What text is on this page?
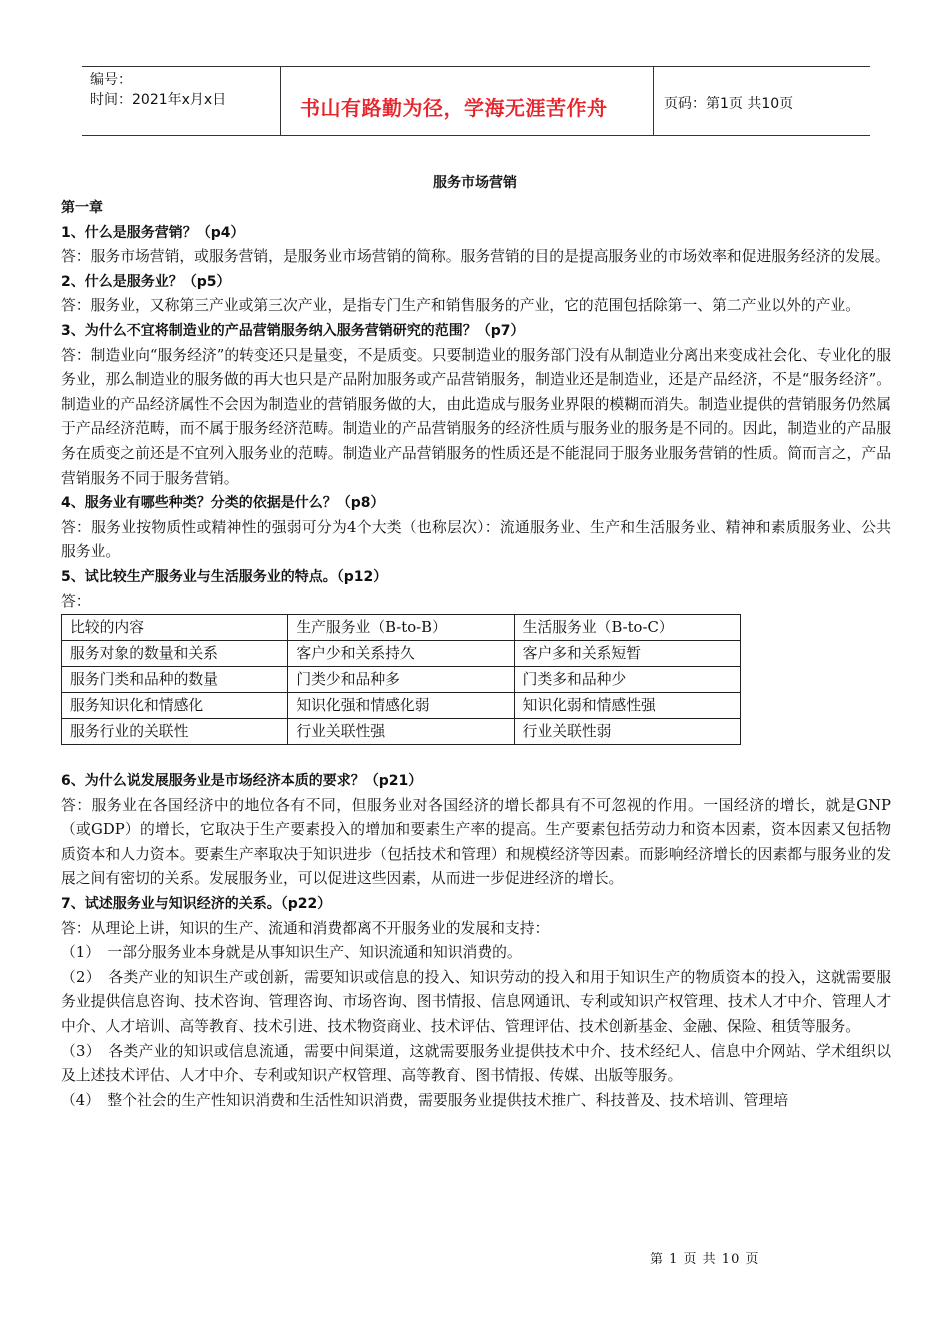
编号：
时间：2021年x月x日	书山有路勤为径，学海无涯苦作舟	页码：第1页 共10页
服务市场营销

第一章

1、什么是服务营销？（p4）

答：服务市场营销，或服务营销，是服务业市场营销的简称。服务营销的目的是提高服务业的市场效率和促进服务经济的发展。

2、什么是服务业？（p5）

答：服务业，又称第三产业或第三次产业，是指专门生产和销售服务的产业，它的范围包括除第一、第二产业以外的产业。

3、为什么不宜将制造业的产品营销服务纳入服务营销研究的范围？（p7）

答：制造业向“服务经济”的转变还只是量变，不是质变。只要制造业的服务部门没有从制造业分离出来变成社会化、专业化的服务业，那么制造业的服务做的再大也只是产品附加服务或产品营销服务，制造业还是制造业，还是产品经济，不是“服务经济”。制造业的产品经济属性不会因为制造业的营销服务做的大，由此造成与服务业界限的模糊而消失。制造业提供的营销服务仍然属于产品经济范畴，而不属于服务经济范畴。制造业的产品营销服务的经济性质与服务业的服务是不同的。因此，制造业的产品服务在质变之前还是不宜列入服务业的范畴。制造业产品营销服务的性质还是不能混同于服务业服务营销的性质。简而言之，产品营销服务不同于服务营销。

4、服务业有哪些种类？分类的依据是什么？（p8）

答：服务业按物质性或精神性的强弱可分为4个大类（也称层次）：流通服务业、生产和生活服务业、精神和素质服务业、公共服务业。

5、试比较生产服务业与生活服务业的特点。（p12）

答：

比较的内容	生产服务业（B-to-B）	生活服务业（B-to-C）
服务对象的数量和关系	客户少和关系持久	客户多和关系短暂
服务门类和品种的数量	门类少和品种多	门类多和品种少
服务知识化和情感化	知识化强和情感化弱	知识化弱和情感性强
服务行业的关联性	行业关联性强	行业关联性弱

6、为什么说发展服务业是市场经济本质的要求？（p21）

答：服务业在各国经济中的地位各有不同，但服务业对各国经济的增长都具有不可忽视的作用。一国经济的增长，就是GNP（或GDP）的增长，它取决于生产要素投入的增加和要素生产率的提高。生产要素包括劳动力和资本因素，资本因素又包括物质资本和人力资本。要素生产率取决于知识进步（包括技术和管理）和规模经济等因素。而影响经济增长的因素都与服务业的发展之间有密切的关系。发展服务业，可以促进这些因素，从而进一步促进经济的增长。

7、试述服务业与知识经济的关系。（p22）

答：从理论上讲，知识的生产、流通和消费都离不开服务业的发展和支持：

（1）　一部分服务业本身就是从事知识生产、知识流通和知识消费的。

（2）　各类产业的知识生产或创新，需要知识或信息的投入、知识劳动的投入和用于知识生产的物质资本的投入，这就需要服务业提供信息咨询、技术咨询、管理咨询、市场咨询、图书情报、信息网通讯、专利或知识产权管理、技术人才中介、管理人才中介、人才培训、高等教育、技术引进、技术物资商业、技术评估、管理评估、技术创新基金、金融、保险、租赁等服务。

（3）　各类产业的知识或信息流通，需要中间渠道，这就需要服务业提供技术中介、技术经纪人、信息中介网站、学术组织以及上述技术评估、人才中介、专利或知识产权管理、高等教育、图书情报、传媒、出版等服务。

（4）　整个社会的生产性知识消费和生活性知识消费，需要服务业提供技术推广、科技普及、技术培训、管理培

第 1 页 共 10 页
